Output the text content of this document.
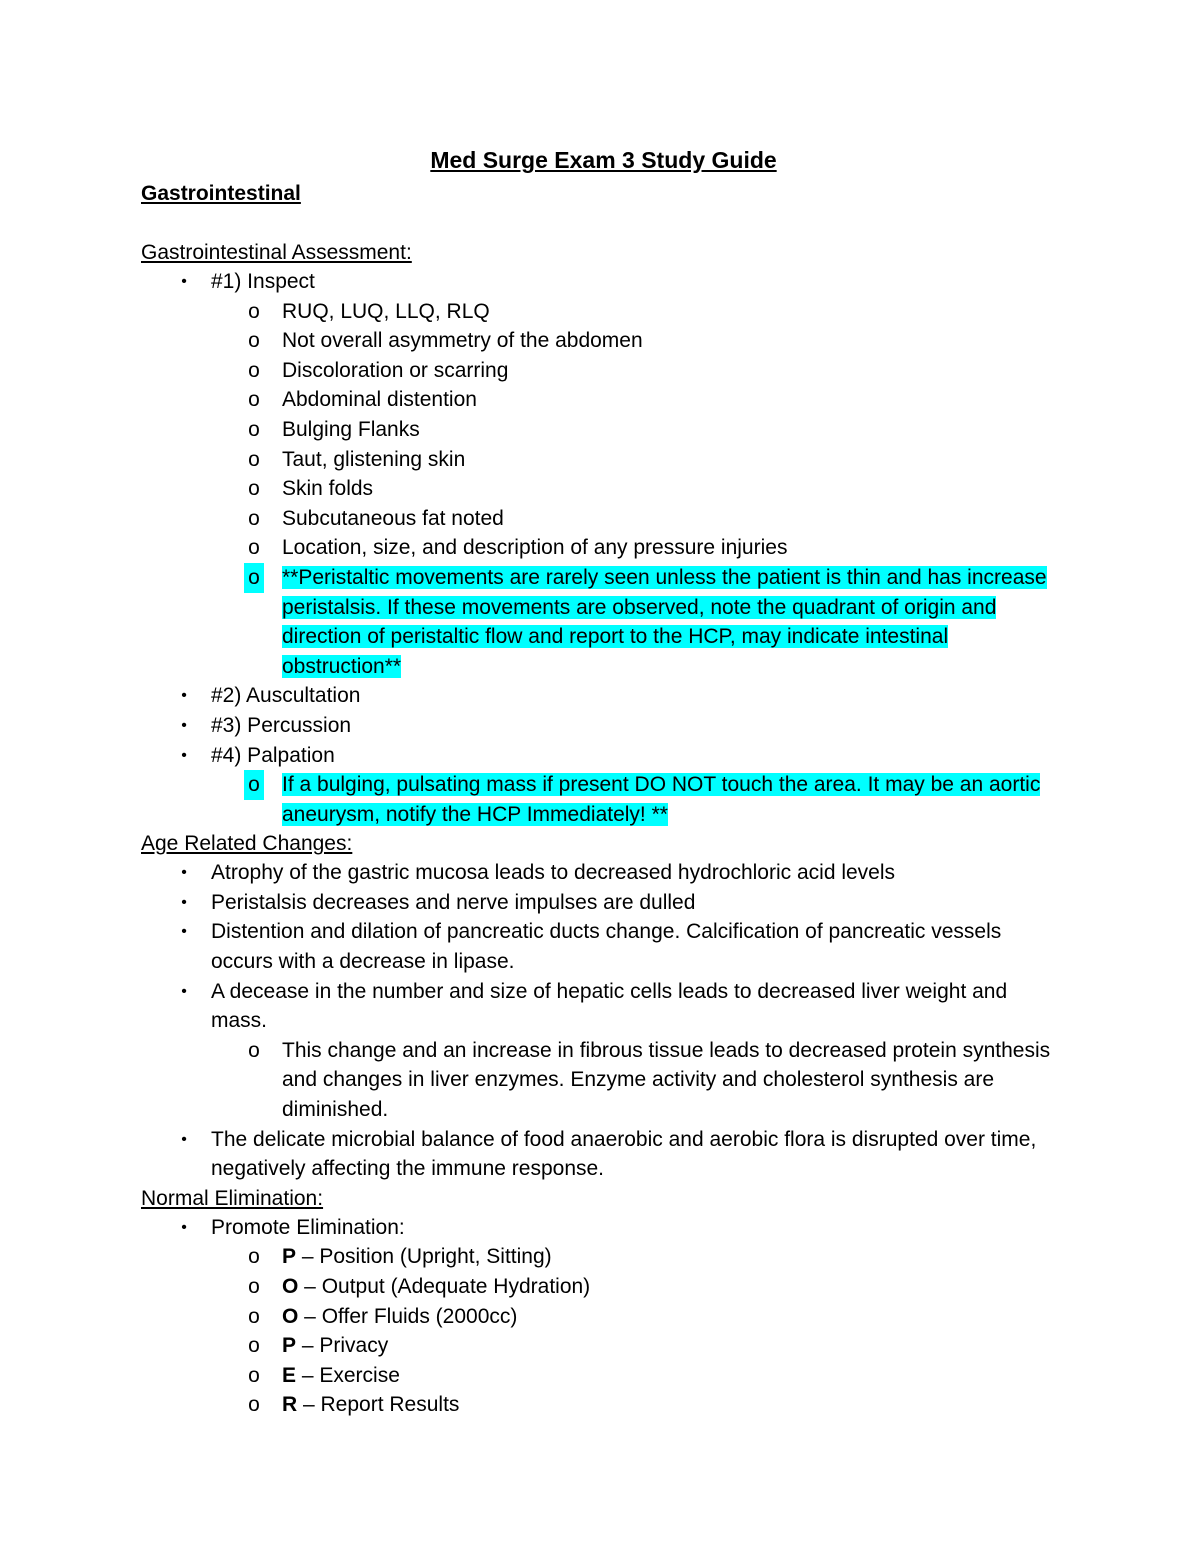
Med Surge Exam 3 Study Guide

Gastrointestinal

Gastrointestinal Assessment:

•	#1) Inspect
o RUQ, LUQ, LLQ, RLQ
o Not overall asymmetry of the abdomen
o Discoloration or scarring
o Abdominal distention
o Bulging Flanks
o Taut, glistening skin
o Skin folds
o Subcutaneous fat noted
o Location, size, and description of any pressure injuries
o **Peristaltic movements are rarely seen unless the patient is thin and has increase peristalsis. If these movements are observed, note the quadrant of origin and direction of peristaltic flow and report to the HCP, may indicate intestinal obstruction**
•	#2) Auscultation
•	#3) Percussion
•	#4) Palpation
o If a bulging, pulsating mass if present DO NOT touch the area. It may be an aortic aneurysm, notify the HCP Immediately! **

Age Related Changes:

•	Atrophy of the gastric mucosa leads to decreased hydrochloric acid levels
•	Peristalsis decreases and nerve impulses are dulled
•	Distention and dilation of pancreatic ducts change. Calcification of pancreatic vessels occurs with a decrease in lipase.
•	A decease in the number and size of hepatic cells leads to decreased liver weight and mass.
o This change and an increase in fibrous tissue leads to decreased protein synthesis and changes in liver enzymes. Enzyme activity and cholesterol synthesis are diminished.
•	The delicate microbial balance of food anaerobic and aerobic flora is disrupted over time, negatively affecting the immune response.

Normal Elimination:

•	Promote Elimination:
o P – Position (Upright, Sitting)
o O – Output (Adequate Hydration)
o O – Offer Fluids (2000cc)
o P – Privacy
o E – Exercise
o R – Report Results
